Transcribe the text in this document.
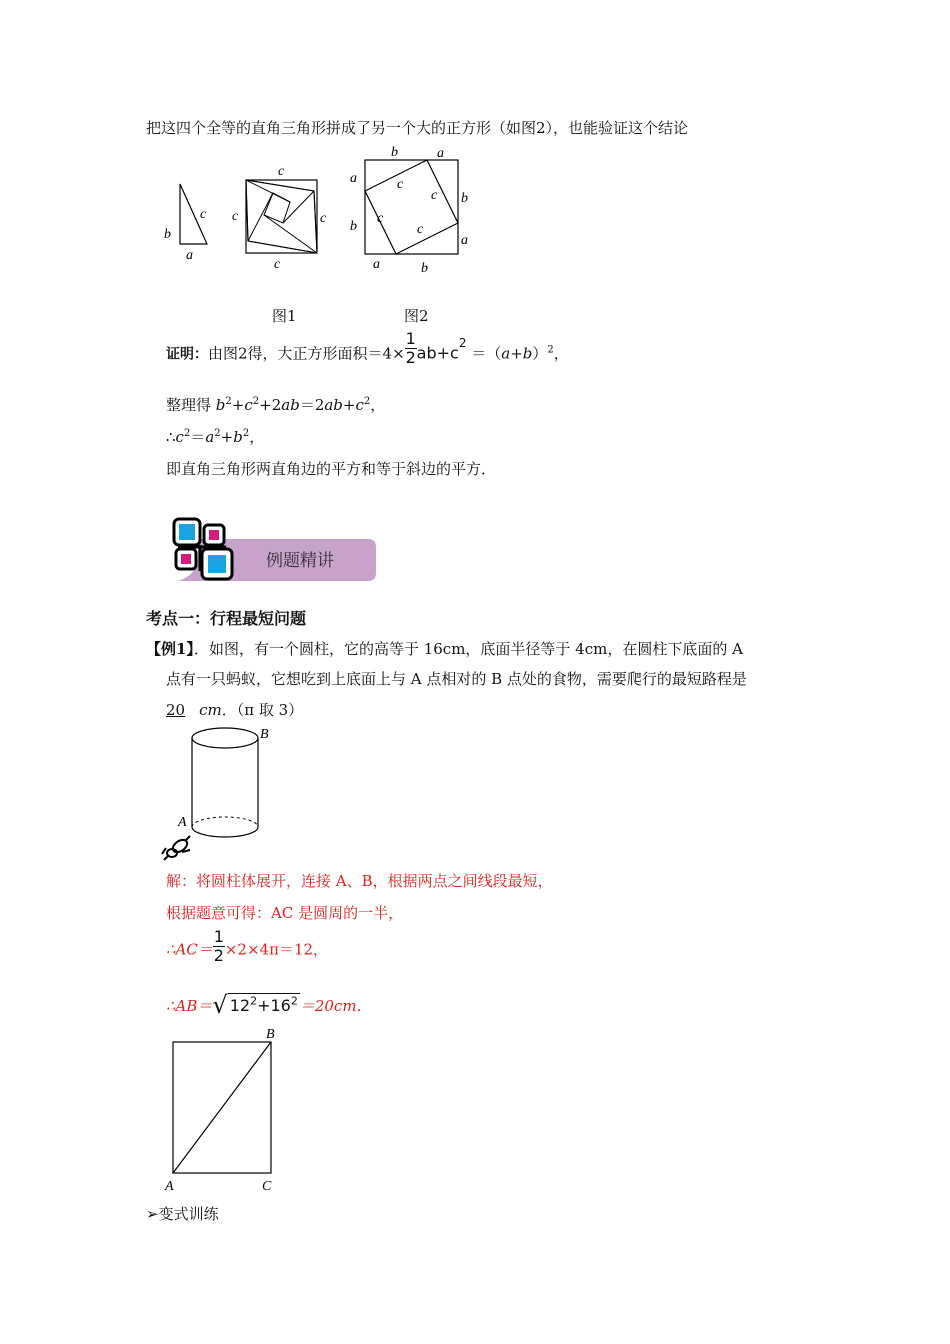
把这四个全等的直角三角形拼成了另一个大的正方形（如图2），也能验证这个结论
c
b
a
c
c	c
c
b	a
a
b
b
a
a	b
c
c
c
c
图1	图2
证明：由图2得，大正方形面积$=4\times \frac{1}{2} ab+c^2 =(a+b)^2$，
整理得 $b^2+c^2+2ab=2ab+c^2$，
$\therefore c^2=a^2+b^2$，
即直角三角形两直角边的平方和等于斜边的平方．
例题精讲
考点一：行程最短问题
【例1】．如图，有一个圆柱，它的高等于 16cm，底面半径等于 4cm，在圆柱下底面的 A
点有一只蚂蚁，它想吃到上底面上与 A 点相对的 B 点处的食物，需要爬行的最短路程是
20 cm．（π 取 3）
B
A
解：将圆柱体展开，连接 A、B，根据两点之间线段最短，
根据题意可得：AC 是圆周的一半，
∴AC＝ $\frac{1}{2} \times 2\times 4\pi=12$，
∴AB＝√ $12^2+16^2 =20cm$．
B
A	C
➢变式训练
